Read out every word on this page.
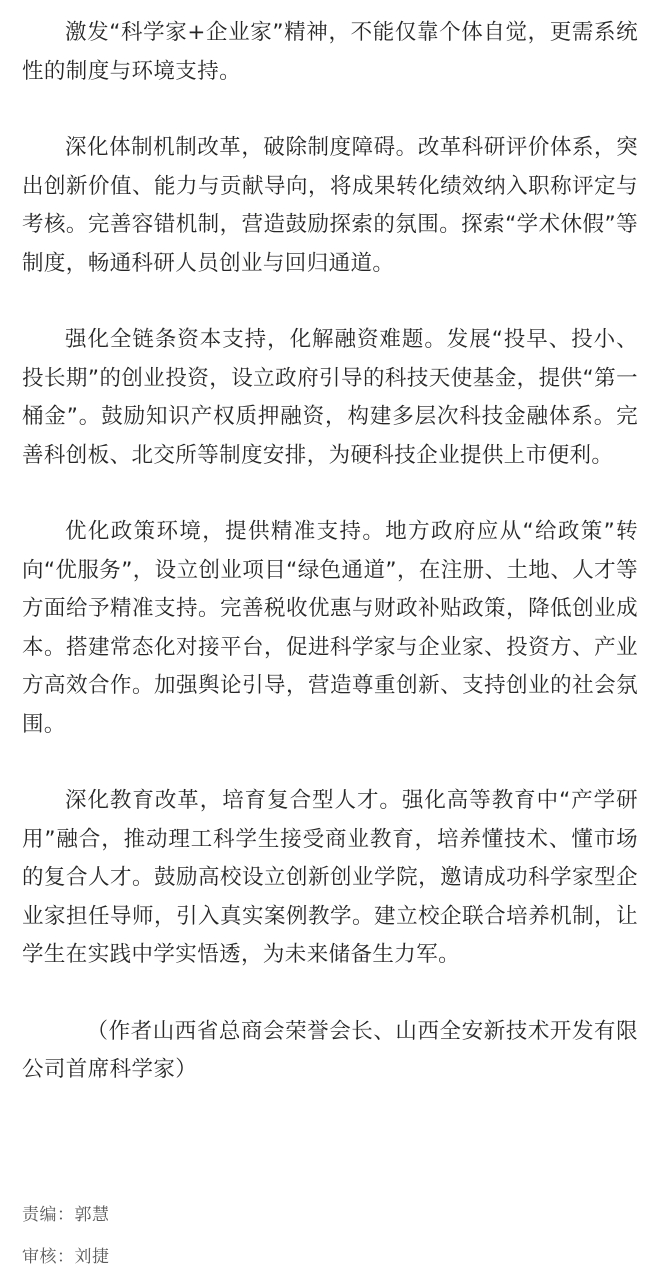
激发“科学家+企业家”精神，不能仅靠个体自觉，更需系统性的制度与环境支持。

深化体制机制改革，破除制度障碍。改革科研评价体系，突出创新价值、能力与贡献导向，将成果转化绩效纳入职称评定与考核。完善容错机制，营造鼓励探索的氛围。探索“学术休假”等制度，畅通科研人员创业与回归通道。

强化全链条资本支持，化解融资难题。发展“投早、投小、投长期”的创业投资，设立政府引导的科技天使基金，提供“第一桶金”。鼓励知识产权质押融资，构建多层次科技金融体系。完善科创板、北交所等制度安排，为硬科技企业提供上市便利。

优化政策环境，提供精准支持。地方政府应从“给政策”转向“优服务”，设立创业项目“绿色通道”，在注册、土地、人才等方面给予精准支持。完善税收优惠与财政补贴政策，降低创业成本。搭建常态化对接平台，促进科学家与企业家、投资方、产业方高效合作。加强舆论引导，营造尊重创新、支持创业的社会氛围。

深化教育改革，培育复合型人才。强化高等教育中“产学研用”融合，推动理工科学生接受商业教育，培养懂技术、懂市场的复合人才。鼓励高校设立创新创业学院，邀请成功科学家型企业家担任导师，引入真实案例教学。建立校企联合培养机制，让学生在实践中学实悟透，为未来储备生力军。

（作者山西省总商会荣誉会长、山西全安新技术开发有限公司首席科学家）

责编：郭慧
审核：刘捷
